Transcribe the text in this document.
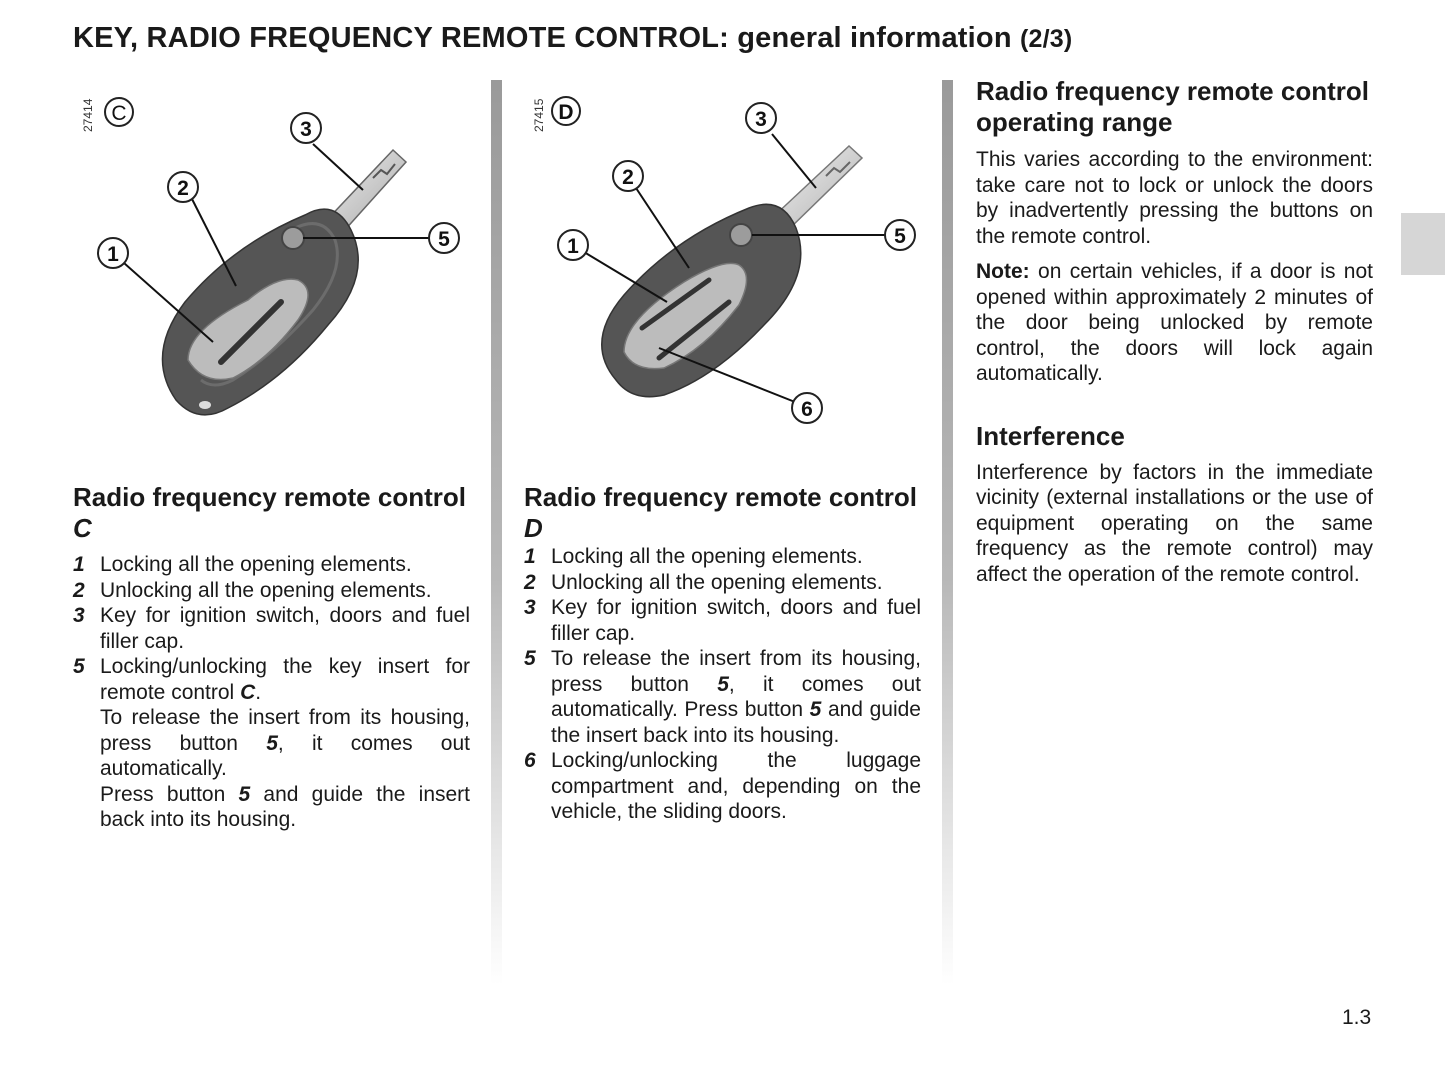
KEY, RADIO FREQUENCY REMOTE CONTROL: general information (2/3)
27414 C
1
2
3
5
Radio frequency remote control C
1 Locking all the opening elements.
2 Unlocking all the opening elements.
3 Key for ignition switch, doors and fuel filler cap.
5 Locking/unlocking the key insert for remote control C.
To release the insert from its housing, press button 5, it comes out automatically.
Press button 5 and guide the insert back into its housing.
27415 D
1
2
3
5
6
Radio frequency remote control D
1 Locking all the opening elements.
2 Unlocking all the opening elements.
3 Key for ignition switch, doors and fuel filler cap.
5 To release the insert from its housing, press button 5, it comes out automatically. Press button 5 and guide the insert back into its housing.
6 Locking/unlocking the luggage compartment and, depending on the vehicle, the sliding doors.
Radio frequency remote control operating range

This varies according to the environment: take care not to lock or unlock the doors by inadvertently pressing the buttons on the remote control.

Note: on certain vehicles, if a door is not opened within approximately 2 minutes of the door being unlocked by remote control, the doors will lock again automatically.

Interference

Interference by factors in the immediate vicinity (external installations or the use of equipment operating on the same frequency as the remote control) may affect the operation of the remote control.

1.3
